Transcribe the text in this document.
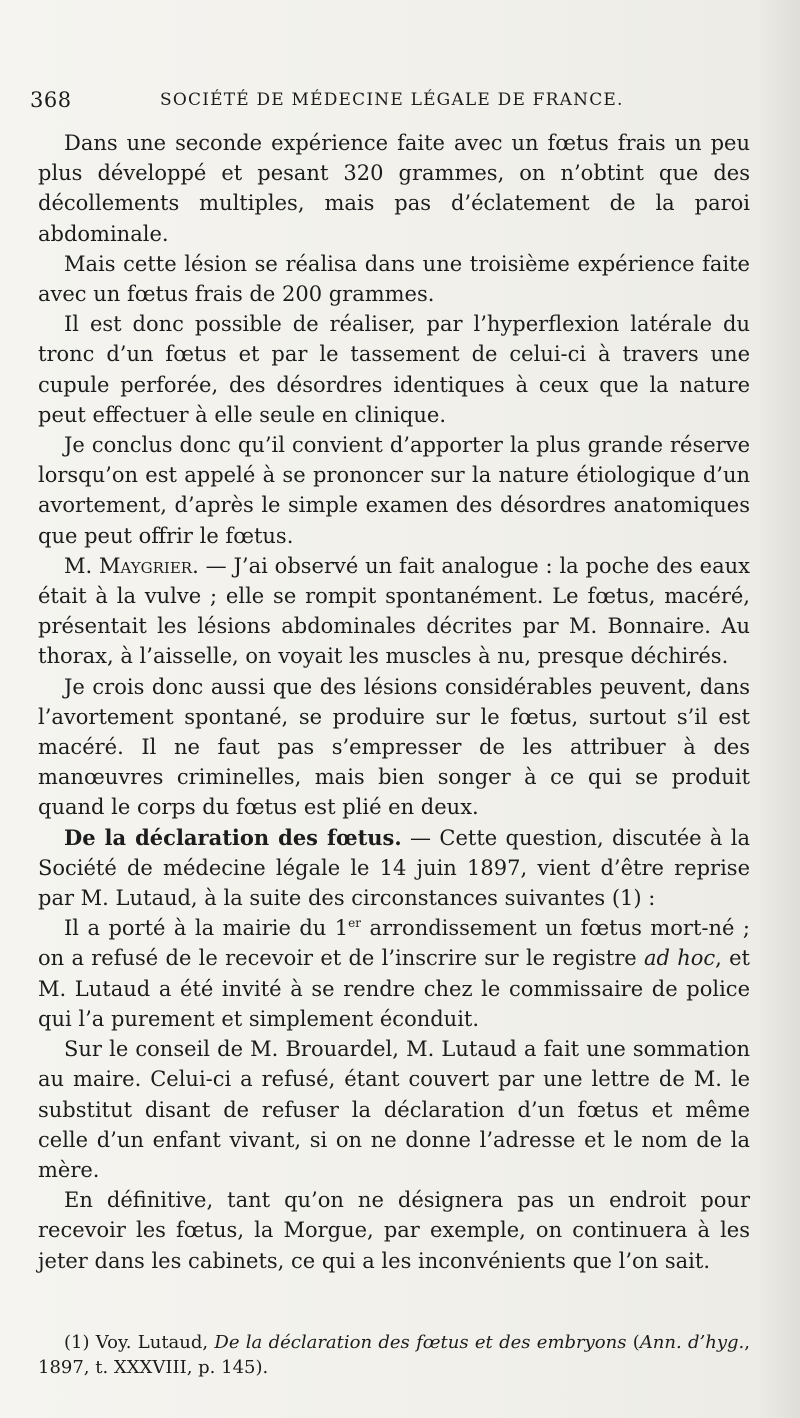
368	SOCIÉTÉ DE MÉDECINE LÉGALE DE FRANCE.

Dans une seconde expérience faite avec un fœtus frais un peu plus développé et pesant 320 grammes, on n’obtint que des décollements multiples, mais pas d’éclatement de la paroi abdominale.

Mais cette lésion se réalisa dans une troisième expérience faite avec un fœtus frais de 200 grammes.

Il est donc possible de réaliser, par l’hyperflexion latérale du tronc d’un fœtus et par le tassement de celui-ci à travers une cupule perforée, des désordres identiques à ceux que la nature peut effectuer à elle seule en clinique.

Je conclus donc qu’il convient d’apporter la plus grande réserve lorsqu’on est appelé à se prononcer sur la nature étiologique d’un avortement, d’après le simple examen des désordres anatomiques que peut offrir le fœtus.

M. Maygrier. — J’ai observé un fait analogue : la poche des eaux était à la vulve ; elle se rompit spontanément. Le fœtus, macéré, présentait les lésions abdominales décrites par M. Bonnaire. Au thorax, à l’aisselle, on voyait les muscles à nu, presque déchirés.

Je crois donc aussi que des lésions considérables peuvent, dans l’avortement spontané, se produire sur le fœtus, surtout s’il est macéré. Il ne faut pas s’empresser de les attribuer à des manœuvres criminelles, mais bien songer à ce qui se produit quand le corps du fœtus est plié en deux.

De la déclaration des fœtus. — Cette question, discutée à la Société de médecine légale le 14 juin 1897, vient d’être reprise par M. Lutaud, à la suite des circonstances suivantes (1) :

Il a porté à la mairie du 1er arrondissement un fœtus mort-né ; on a refusé de le recevoir et de l’inscrire sur le registre ad hoc, et M. Lutaud a été invité à se rendre chez le commissaire de police qui l’a purement et simplement éconduit.

Sur le conseil de M. Brouardel, M. Lutaud a fait une sommation au maire. Celui-ci a refusé, étant couvert par une lettre de M. le substitut disant de refuser la déclaration d’un fœtus et même celle d’un enfant vivant, si on ne donne l’adresse et le nom de la mère.

En définitive, tant qu’on ne désignera pas un endroit pour recevoir les fœtus, la Morgue, par exemple, on continuera à les jeter dans les cabinets, ce qui a les inconvénients que l’on sait.

(1) Voy. Lutaud, De la déclaration des fœtus et des embryons (Ann. d’hyg., 1897, t. XXXVIII, p. 145).
